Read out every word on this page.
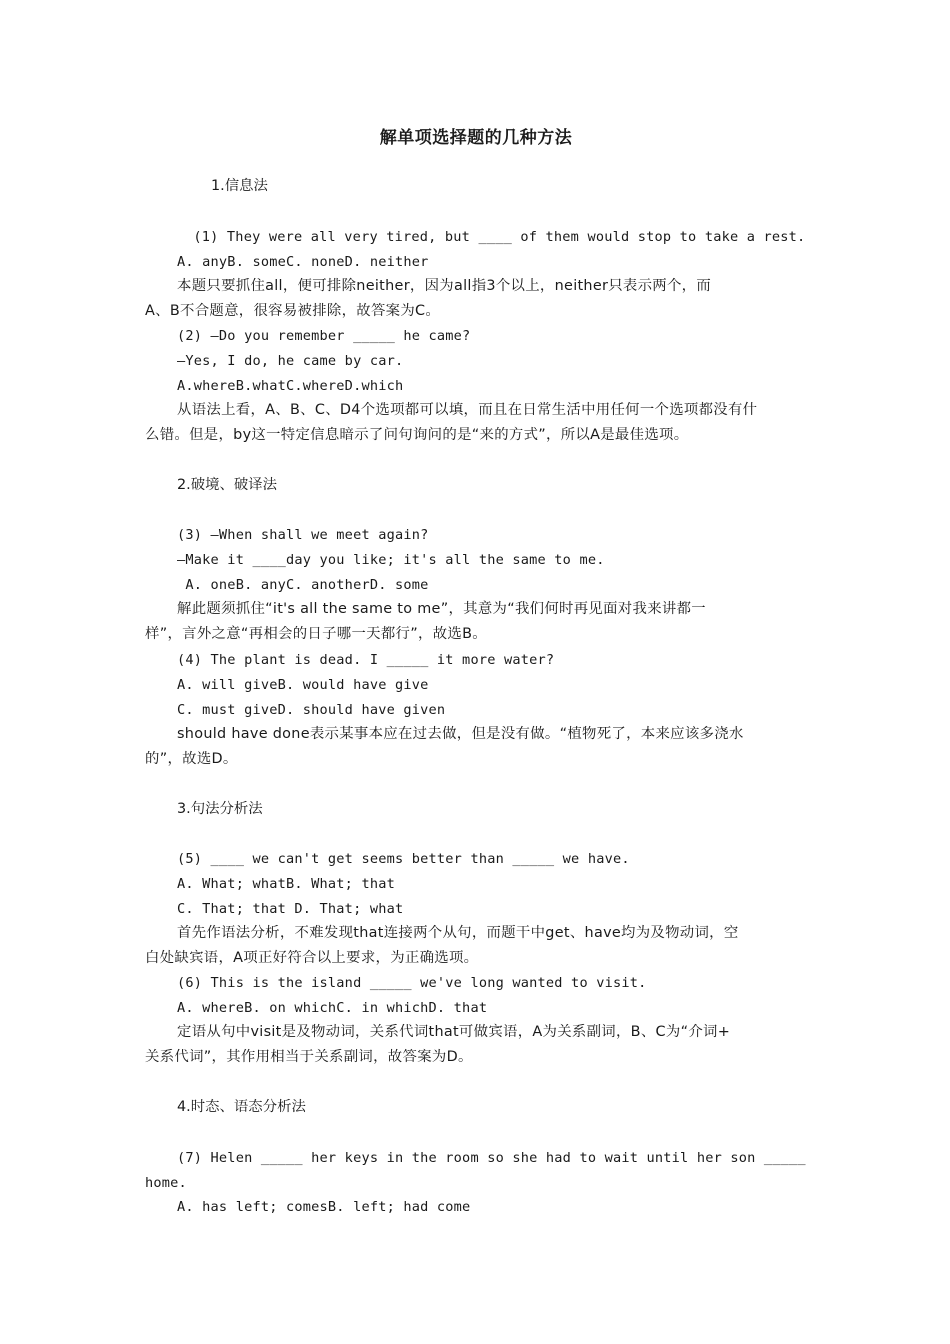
解单项选择题的几种方法
1.信息法
(1) They were all very tired, but ____ of them would stop to take a rest.
A. anyB. someC. noneD. neither
本题只要抓住all，便可排除neither，因为all指3个以上，neither只表示两个，而
A、B不合题意，很容易被排除，故答案为C。
(2) —Do you remember _____ he came?
—Yes, I do, he came by car.
A.whereB.whatC.whereD.which
从语法上看，A、B、C、D4个选项都可以填，而且在日常生活中用任何一个选项都没有什
么错。但是，by这一特定信息暗示了问句询问的是“来的方式”，所以A是最佳选项。
2.破境、破译法
(3) —When shall we meet again?
—Make it ____day you like; it's all the same to me.
A. oneB. anyC. anotherD. some
解此题须抓住“it's all the same to me”，其意为“我们何时再见面对我来讲都一
样”，言外之意“再相会的日子哪一天都行”，故选B。
(4) The plant is dead. I _____ it more water?
A. will giveB. would have give
C. must giveD. should have given
should have done表示某事本应在过去做，但是没有做。“植物死了，本来应该多浇水
的”，故选D。
3.句法分析法
(5) ____ we can't get seems better than _____ we have.
A. What; whatB. What; that
C. That; that D. That; what
首先作语法分析，不难发现that连接两个从句，而题干中get、have均为及物动词，空
白处缺宾语，A项正好符合以上要求，为正确选项。
(6) This is the island _____ we've long wanted to visit.
A. whereB. on whichC. in whichD. that
定语从句中visit是及物动词，关系代词that可做宾语，A为关系副词，B、C为“介词+
关系代词”，其作用相当于关系副词，故答案为D。
4.时态、语态分析法
(7) Helen _____ her keys in the room so she had to wait until her son _____
home.
A. has left; comesB. left; had come
